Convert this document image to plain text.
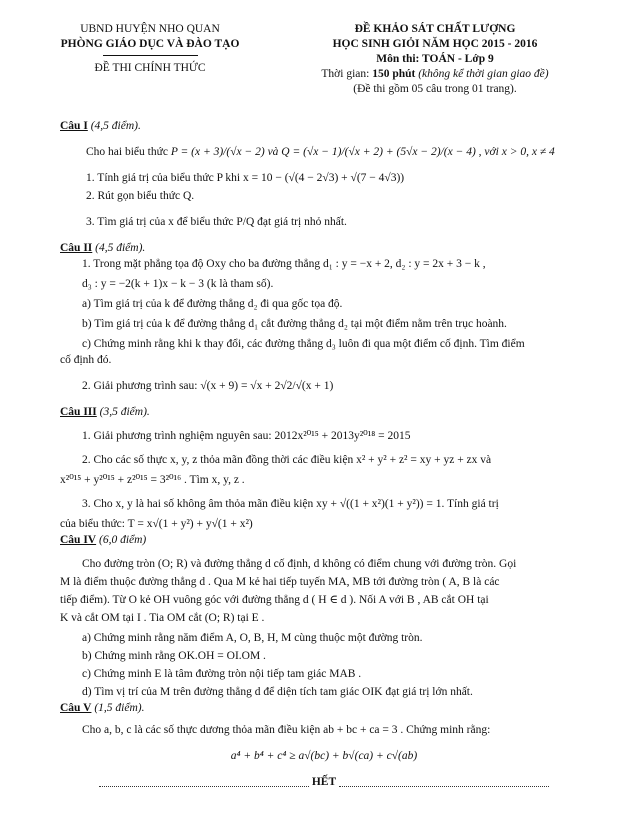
UBND HUYỆN NHO QUAN
PHÒNG GIÁO DỤC VÀ ĐÀO TẠO
ĐỀ THI CHÍNH THỨC
ĐỀ KHẢO SÁT CHẤT LƯỢNG
HỌC SINH GIỎI NĂM HỌC 2015 - 2016
Môn thi: TOÁN - Lớp 9
Thời gian: 150 phút (không kể thời gian giao đề)
(Đề thi gồm 05 câu trong 01 trang).
Câu I (4,5 điểm).
Cho hai biểu thức P = (x + 3)/(√x − 2) và Q = (√x − 1)/(√x + 2) + (5√x − 2)/(x − 4) , với x > 0, x ≠ 4
1. Tính giá trị của biểu thức P khi x = 10 − (√(4 − 2√3) + √(7 − 4√3))
2. Rút gọn biểu thức Q.
3. Tìm giá trị của x để biểu thức P/Q đạt giá trị nhỏ nhất.
Câu II (4,5 điểm).
1. Trong mặt phẳng tọa độ Oxy cho ba đường thẳng d₁ : y = −x + 2, d₂ : y = 2x + 3 − k ,
d₃ : y = −2(k + 1)x − k − 3 (k là tham số).
a) Tìm giá trị của k để đường thẳng d₂ đi qua gốc tọa độ.
b) Tìm giá trị của k để đường thẳng d₁ cắt đường thẳng d₂ tại một điểm nằm trên trục hoành.
c) Chứng minh rằng khi k thay đổi, các đường thẳng d₃ luôn đi qua một điểm cố định. Tìm điểm
cố định đó.
2. Giải phương trình sau: √(x + 9) = √x + 2√2/√(x + 1)
Câu III (3,5 điểm).
1. Giải phương trình nghiệm nguyên sau: 2012x²⁰¹⁵ + 2013y²⁰¹⁸ = 2015
2. Cho các số thực x, y, z thỏa mãn đồng thời các điều kiện x² + y² + z² = xy + yz + zx và
x²⁰¹⁵ + y²⁰¹⁵ + z²⁰¹⁵ = 3²⁰¹⁶ . Tìm x, y, z .
3. Cho x, y là hai số không âm thỏa mãn điều kiện xy + √((1 + x²)(1 + y²)) = 1. Tính giá trị
của biểu thức: T = x√(1 + y²) + y√(1 + x²)
Câu IV (6,0 điểm)
Cho đường tròn (O; R) và đường thẳng d cố định, d không có điểm chung với đường tròn. Gọi
M là điểm thuộc đường thẳng d . Qua M kẻ hai tiếp tuyến MA, MB tới đường tròn ( A, B là các
tiếp điểm). Từ O kẻ OH vuông góc với đường thẳng d ( H ∈ d ). Nối A với B , AB cắt OH tại
K và cắt OM tại I . Tia OM cắt (O; R) tại E .
a) Chứng minh rằng năm điểm A, O, B, H, M cùng thuộc một đường tròn.
b) Chứng minh rằng OK.OH = OI.OM .
c) Chứng minh E là tâm đường tròn nội tiếp tam giác MAB .
d) Tìm vị trí của M trên đường thẳng d để diện tích tam giác OIK đạt giá trị lớn nhất.
Câu V (1,5 điểm).
Cho a, b, c là các số thực dương thỏa mãn điều kiện ab + bc + ca = 3 . Chứng minh rằng:
a⁴ + b⁴ + c⁴ ≥ a√(bc) + b√(ca) + c√(ab)
HẾT
